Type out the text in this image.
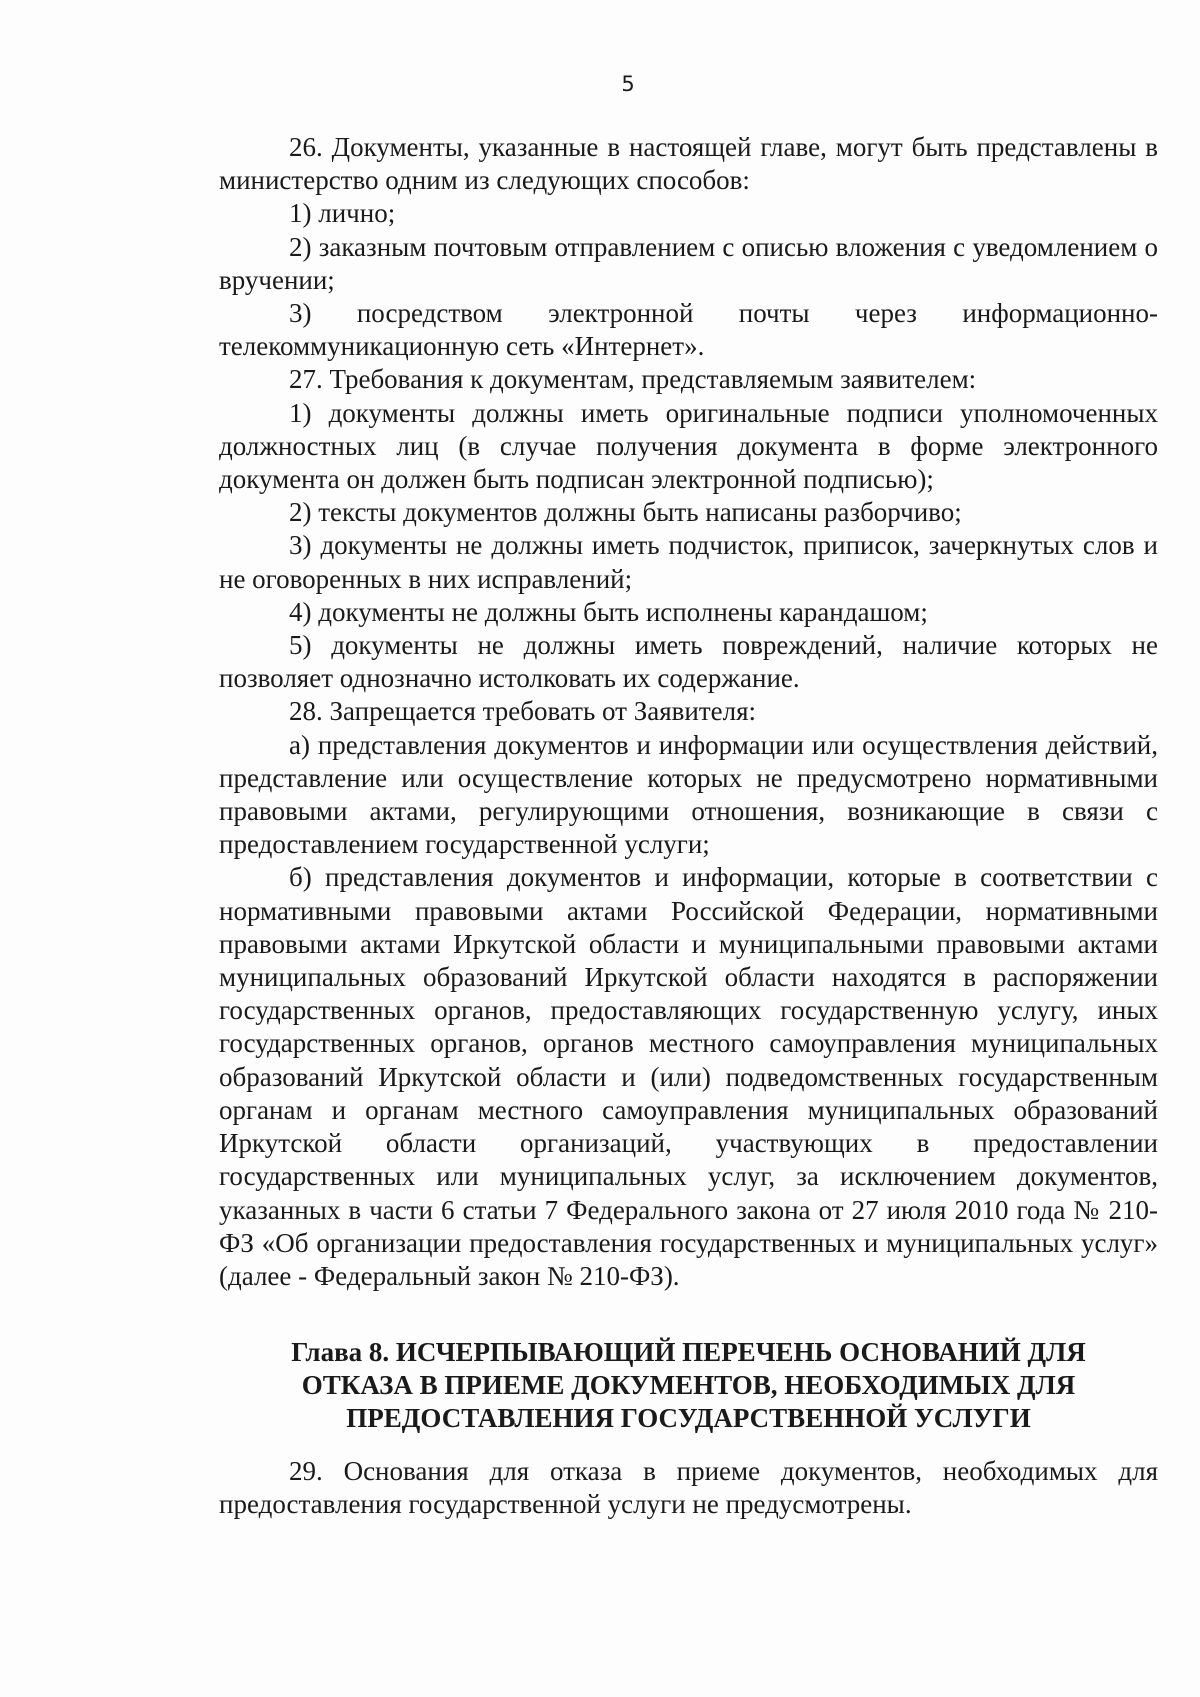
5

26. Документы, указанные в настоящей главе, могут быть представлены в министерство одним из следующих способов:

1) лично;

2) заказным почтовым отправлением с описью вложения с уведомлением о вручении;

3) посредством электронной почты через информационно-телекоммуникационную сеть «Интернет».

27. Требования к документам, представляемым заявителем:

1) документы должны иметь оригинальные подписи уполномоченных должностных лиц (в случае получения документа в форме электронного документа он должен быть подписан электронной подписью);

2) тексты документов должны быть написаны разборчиво;

3) документы не должны иметь подчисток, приписок, зачеркнутых слов и не оговоренных в них исправлений;

4) документы не должны быть исполнены карандашом;

5) документы не должны иметь повреждений, наличие которых не позволяет однозначно истолковать их содержание.

28. Запрещается требовать от Заявителя:

а) представления документов и информации или осуществления действий, представление или осуществление которых не предусмотрено нормативными правовыми актами, регулирующими отношения, возникающие в связи с предоставлением государственной услуги;

б) представления документов и информации, которые в соответствии с нормативными правовыми актами Российской Федерации, нормативными правовыми актами Иркутской области и муниципальными правовыми актами муниципальных образований Иркутской области находятся в распоряжении государственных органов, предоставляющих государственную услугу, иных государственных органов, органов местного самоуправления муниципальных образований Иркутской области и (или) подведомственных государственным органам и органам местного самоуправления муниципальных образований Иркутской области организаций, участвующих в предоставлении государственных или муниципальных услуг, за исключением документов, указанных в части 6 статьи 7 Федерального закона от 27 июля 2010 года № 210-ФЗ «Об организации предоставления государственных и муниципальных услуг» (далее - Федеральный закон № 210-ФЗ).

Глава 8. ИСЧЕРПЫВАЮЩИЙ ПЕРЕЧЕНЬ ОСНОВАНИЙ ДЛЯ
ОТКАЗА В ПРИЕМЕ ДОКУМЕНТОВ, НЕОБХОДИМЫХ ДЛЯ
ПРЕДОСТАВЛЕНИЯ ГОСУДАРСТВЕННОЙ УСЛУГИ

29. Основания для отказа в приеме документов, необходимых для предоставления государственной услуги не предусмотрены.
